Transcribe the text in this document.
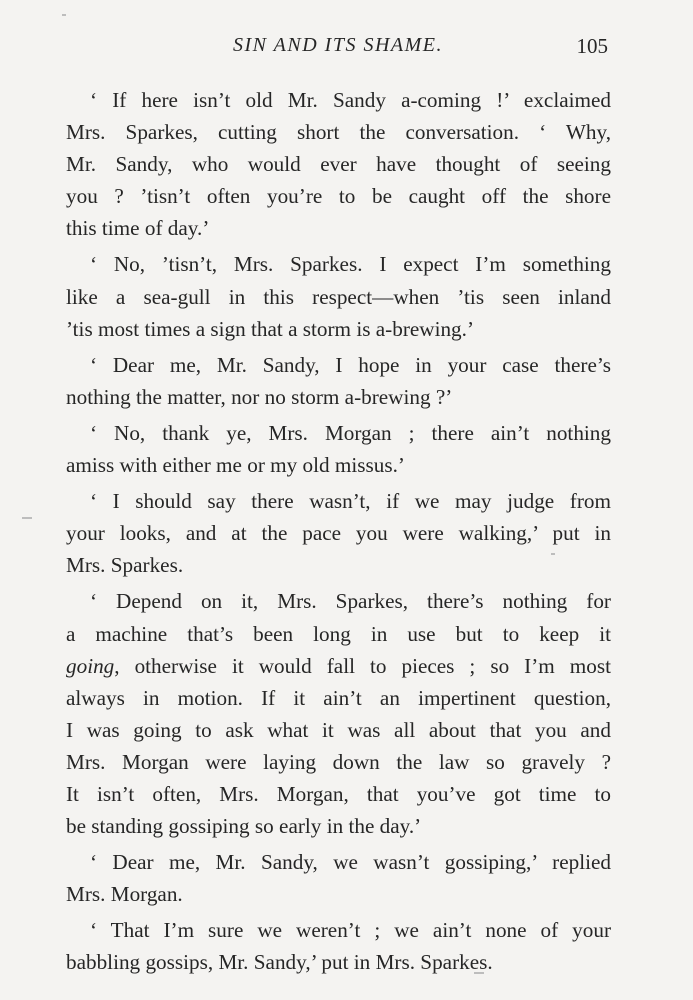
SIN AND ITS SHAME.	105

‘ If here isn’t old Mr. Sandy a-coming !’ exclaimed
Mrs. Sparkes, cutting short the conversation. ‘ Why,
Mr. Sandy, who would ever have thought of seeing
you ? ’tisn’t often you’re to be caught off the shore
this time of day.’

‘ No, ’tisn’t, Mrs. Sparkes. I expect I’m something
like a sea-gull in this respect—when ’tis seen inland
’tis most times a sign that a storm is a-brewing.’

‘ Dear me, Mr. Sandy, I hope in your case there’s
nothing the matter, nor no storm a-brewing ?’

‘ No, thank ye, Mrs. Morgan ; there ain’t nothing
amiss with either me or my old missus.’

‘ I should say there wasn’t, if we may judge from
your looks, and at the pace you were walking,’ put in
Mrs. Sparkes.

‘ Depend on it, Mrs. Sparkes, there’s nothing for
a machine that’s been long in use but to keep it
going, otherwise it would fall to pieces ; so I’m most
always in motion. If it ain’t an impertinent question,
I was going to ask what it was all about that you and
Mrs. Morgan were laying down the law so gravely ?
It isn’t often, Mrs. Morgan, that you’ve got time to
be standing gossiping so early in the day.’

‘ Dear me, Mr. Sandy, we wasn’t gossiping,’ replied
Mrs. Morgan.

‘ That I’m sure we weren’t ; we ain’t none of your
babbling gossips, Mr. Sandy,’ put in Mrs. Sparkes.
